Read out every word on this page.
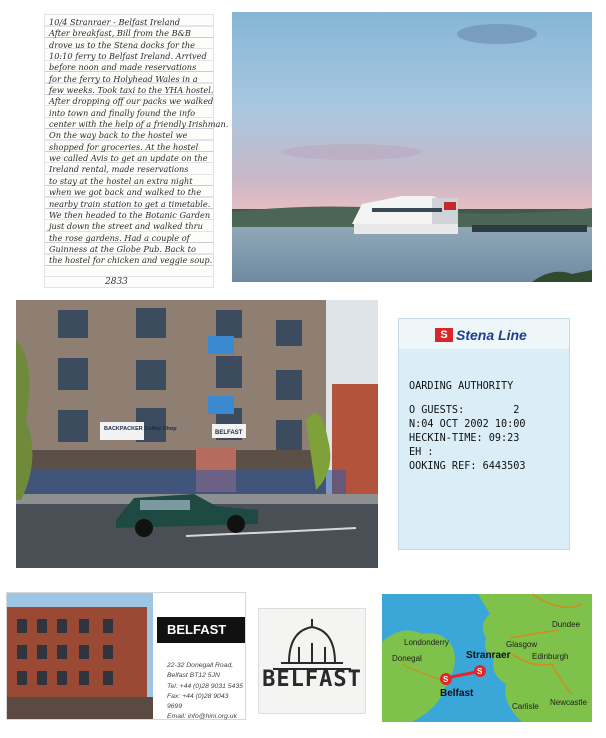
10/4 Stranraer - Belfast Ireland
After breakfast, Bill from the B&B
drove us to the Stena docks for the
10:10 ferry to Belfast Ireland. Arrived
before noon and made reservations
for the ferry to Holyhead Wales in a
few weeks. Took taxi to the YHA hostel.
After dropping off our packs we walked
into town and finally found the info
center with the help of a friendly Irishman.
On the way back to the hostel we
shopped for groceries. At the hostel
we called Avis to get an update on the
Ireland rental, made reservations
to stay at the hostel an extra night
when we got back and walked to the
nearby train station to get a timetable.
We then headed to the Botanic Garden
just down the street and walked thru
the rose gardens. Had a couple of
Guinness at the Globe Pub. Back to
the hostel for chicken and veggie soup.
2833
BACKPACKER Coffee Shop
BELFAST
S Stena Line
OARDING AUTHORITY
O GUESTS:        2
N:04 OCT 2002 10:00
HECKIN-TIME: 09:23
EH :
OOKING REF: 6443503
BELFAST
22-32 Donegall Road,
Belfast BT12 5JN
Tel: +44 (0)28 9031 5435
Fax: +44 (0)28 9043 9699
Email: info@hini.org.uk
BELFAST	S
S
Londonderry
Donegal
Belfast
Stranraer
Glasgow
Edinburgh
Dundee
Carlisle Newcastle
